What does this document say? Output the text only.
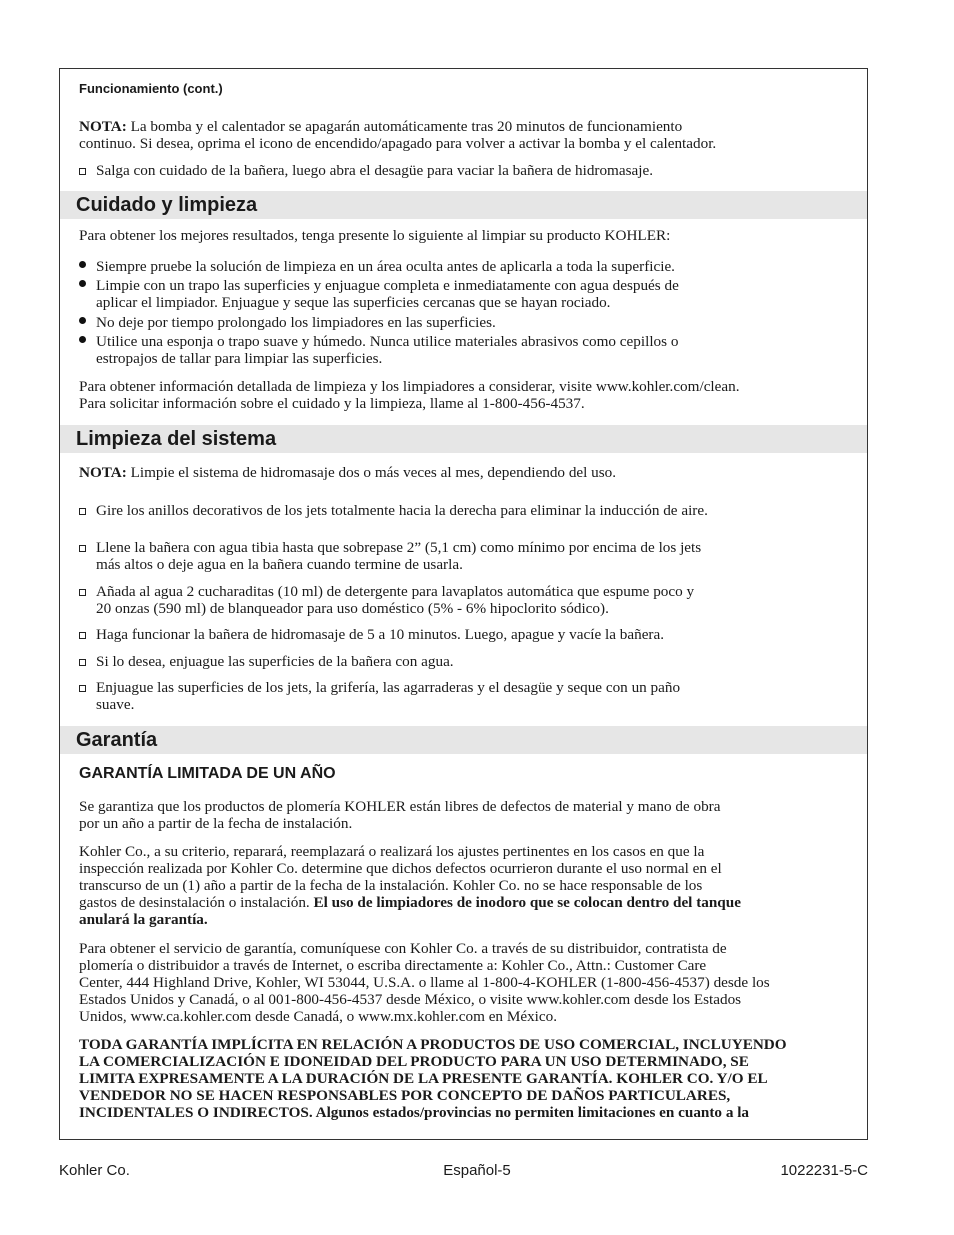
Funcionamiento (cont.)

NOTA: La bomba y el calentador se apagarán automáticamente tras 20 minutos de funcionamiento

continuo. Si desea, oprima el icono de encendido/apagado para volver a activar la bomba y el calentador.

Salga con cuidado de la bañera, luego abra el desagüe para vaciar la bañera de hidromasaje.

Cuidado y limpieza

Para obtener los mejores resultados, tenga presente lo siguiente al limpiar su producto KOHLER:

Siempre pruebe la solución de limpieza en un área oculta antes de aplicarla a toda la superficie.

Limpie con un trapo las superficies y enjuague completa e inmediatamente con agua después de

aplicar el limpiador. Enjuague y seque las superficies cercanas que se hayan rociado.

No deje por tiempo prolongado los limpiadores en las superficies.

Utilice una esponja o trapo suave y húmedo. Nunca utilice materiales abrasivos como cepillos o

estropajos de tallar para limpiar las superficies.

Para obtener información detallada de limpieza y los limpiadores a considerar, visite www.kohler.com/clean.

Para solicitar información sobre el cuidado y la limpieza, llame al 1-800-456-4537.

Limpieza del sistema

NOTA: Limpie el sistema de hidromasaje dos o más veces al mes, dependiendo del uso.

Gire los anillos decorativos de los jets totalmente hacia la derecha para eliminar la inducción de aire.

Llene la bañera con agua tibia hasta que sobrepase 2” (5,1 cm) como mínimo por encima de los jets

más altos o deje agua en la bañera cuando termine de usarla.

Añada al agua 2 cucharaditas (10 ml) de detergente para lavaplatos automática que espume poco y

20 onzas (590 ml) de blanqueador para uso doméstico (5% - 6% hipoclorito sódico).

Haga funcionar la bañera de hidromasaje de 5 a 10 minutos. Luego, apague y vacíe la bañera.

Si lo desea, enjuague las superficies de la bañera con agua.

Enjuague las superficies de los jets, la grifería, las agarraderas y el desagüe y seque con un paño

suave.

Garantía
GARANTÍA LIMITADA DE UN AÑO

Se garantiza que los productos de plomería KOHLER están libres de defectos de material y mano de obra

por un año a partir de la fecha de instalación.

Kohler Co., a su criterio, reparará, reemplazará o realizará los ajustes pertinentes en los casos en que la

inspección realizada por Kohler Co. determine que dichos defectos ocurrieron durante el uso normal en el

transcurso de un (1) año a partir de la fecha de la instalación. Kohler Co. no se hace responsable de los

gastos de desinstalación o instalación. El uso de limpiadores de inodoro que se colocan dentro del tanque

anulará la garantía.

Para obtener el servicio de garantía, comuníquese con Kohler Co. a través de su distribuidor, contratista de

plomería o distribuidor a través de Internet, o escriba directamente a: Kohler Co., Attn.: Customer Care

Center, 444 Highland Drive, Kohler, WI 53044, U.S.A. o llame al 1-800-4-KOHLER (1-800-456-4537) desde los

Estados Unidos y Canadá, o al 001-800-456-4537 desde México, o visite www.kohler.com desde los Estados

Unidos, www.ca.kohler.com desde Canadá, o www.mx.kohler.com en México.

TODA GARANTÍA IMPLÍCITA EN RELACIÓN A PRODUCTOS DE USO COMERCIAL, INCLUYENDO

LA COMERCIALIZACIÓN E IDONEIDAD DEL PRODUCTO PARA UN USO DETERMINADO, SE

LIMITA EXPRESAMENTE A LA DURACIÓN DE LA PRESENTE GARANTÍA. KOHLER CO. Y/O EL

VENDEDOR NO SE HACEN RESPONSABLES POR CONCEPTO DE DAÑOS PARTICULARES,

INCIDENTALES O INDIRECTOS. Algunos estados/provincias no permiten limitaciones en cuanto a la

Kohler Co.	Español-5	1022231-5-C
